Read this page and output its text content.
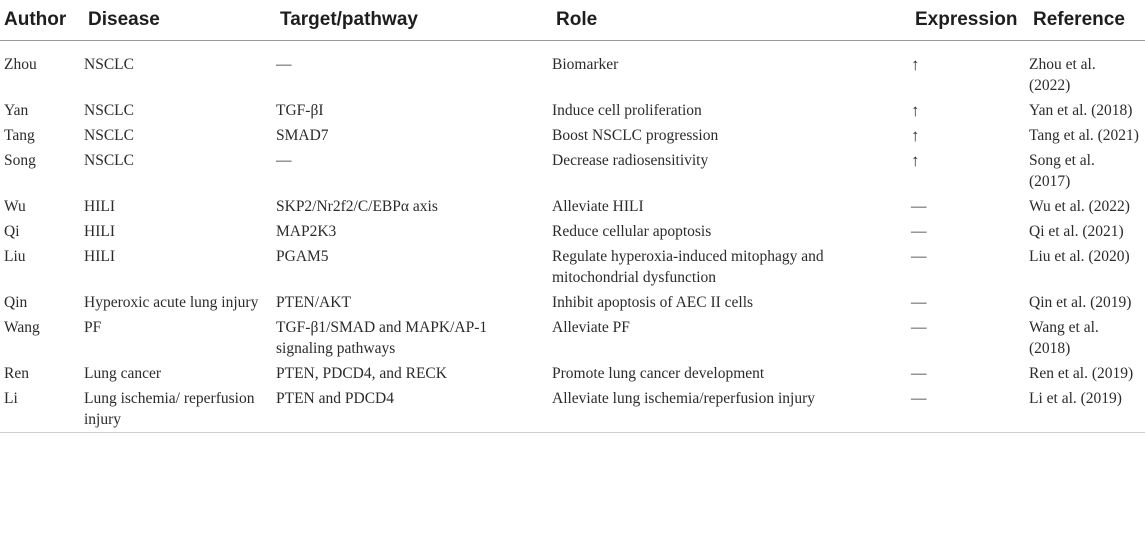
Author	Disease	Target/pathway	Role	Expression	Reference

Zhou	NSCLC	—	Biomarker	↑	Zhou et al. (2022)
Yan	NSCLC	TGF-βI	Induce cell proliferation	↑	Yan et al. (2018)
Tang	NSCLC	SMAD7	Boost NSCLC progression	↑	Tang et al. (2021)
Song	NSCLC	—	Decrease radiosensitivity	↑	Song et al. (2017)
Wu	HILI	SKP2/Nr2f2/C/EBPα axis	Alleviate HILI	—	Wu et al. (2022)
Qi	HILI	MAP2K3	Reduce cellular apoptosis	—	Qi et al. (2021)
Liu	HILI	PGAM5	Regulate hyperoxia-induced mitophagy and mitochondrial dysfunction	—	Liu et al. (2020)
Qin	Hyperoxic acute lung injury	PTEN/AKT	Inhibit apoptosis of AEC II cells	—	Qin et al. (2019)
Wang	PF	TGF-β1/SMAD and MAPK/AP-1 signaling pathways	Alleviate PF	—	Wang et al. (2018)
Ren	Lung cancer	PTEN, PDCD4, and RECK	Promote lung cancer development	—	Ren et al. (2019)
Li	Lung ischemia/ reperfusion injury	PTEN and PDCD4	Alleviate lung ischemia/reperfusion injury	—	Li et al. (2019)
